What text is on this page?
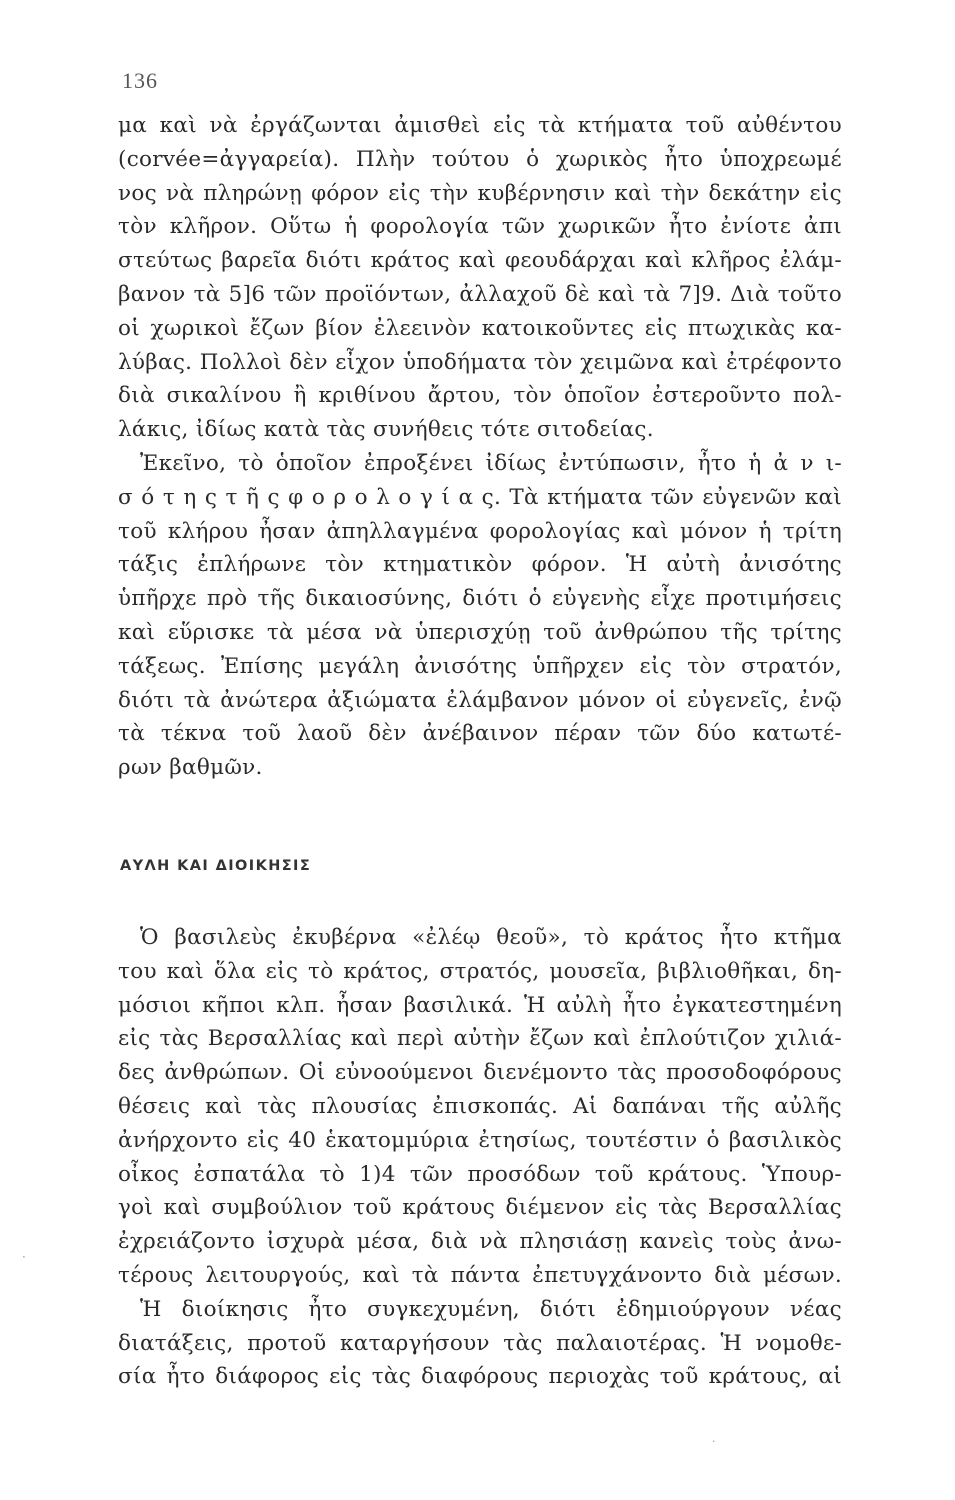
136
μα καὶ νὰ ἐργάζωνται ἀμισθεὶ εἰς τὰ κτήματα τοῦ αὐθέντου
(corvée=ἀγγαρεία). Πλὴν τούτου ὁ χωρικὸς ἦτο ὑποχρεωμέ
νος νὰ πληρώνῃ φόρον εἰς τὴν κυβέρνησιν καὶ τὴν δεκάτην εἰς
τὸν κλῆρον. Οὕτω ἡ φορολογία τῶν χωρικῶν ἦτο ἐνίοτε ἀπι
στεύτως βαρεῖα διότι κράτος καὶ φεουδάρχαι καὶ κλῆρος ἐλάμ-
βανον τὰ 5]6 τῶν προϊόντων, ἀλλαχοῦ δὲ καὶ τὰ 7]9. Διὰ τοῦτο
οἱ χωρικοὶ ἔζων βίον ἐλεεινὸν κατοικοῦντες εἰς πτωχικὰς κα-
λύβας. Πολλοὶ δὲν εἶχον ὑποδήματα τὸν χειμῶνα καὶ ἐτρέφοντο
διὰ σικαλίνου ἢ κριθίνου ἄρτου, τὸν ὁποῖον ἐστεροῦντο πολ-
λάκις, ἰδίως κατὰ τὰς συνήθεις τότε σιτοδείας.
Ἐκεῖνο, τὸ ὁποῖον ἐπροξένει ἰδίως ἐντύπωσιν, ἦτο ἡ ἀ ν ι-
σ ό τ η ς τ ῆ ς φ ο ρ ο λ ο γ ί α ς. Τὰ κτήματα τῶν εὐγενῶν καὶ
τοῦ κλήρου ἦσαν ἀπηλλαγμένα φορολογίας καὶ μόνον ἡ τρίτη
τάξις ἐπλήρωνε τὸν κτηματικὸν φόρον. Ἡ αὐτὴ ἀνισότης
ὑπῆρχε πρὸ τῆς δικαιοσύνης, διότι ὁ εὐγενὴς εἶχε προτιμήσεις
καὶ εὕρισκε τὰ μέσα νὰ ὑπερισχύῃ τοῦ ἀνθρώπου τῆς τρίτης
τάξεως. Ἐπίσης μεγάλη ἀνισότης ὑπῆρχεν εἰς τὸν στρατόν,
διότι τὰ ἀνώτερα ἀξιώματα ἐλάμβανον μόνον οἱ εὐγενεῖς, ἐνῷ
τὰ τέκνα τοῦ λαοῦ δὲν ἀνέβαινον πέραν τῶν δύο κατωτέ-
ρων βαθμῶν.
ΑΥΛΗ ΚΑΙ ΔΙΟΙΚΗΣΙΣ
Ὁ βασιλεὺς ἐκυβέρνα «ἐλέῳ θεοῦ», τὸ κράτος ἦτο κτῆμα
του καὶ ὅλα εἰς τὸ κράτος, στρατός, μουσεῖα, βιβλιοθῆκαι, δη-
μόσιοι κῆποι κλπ. ἦσαν βασιλικά. Ἡ αὐλὴ ἦτο ἐγκατεστημένη
εἰς τὰς Βερσαλλίας καὶ περὶ αὐτὴν ἔζων καὶ ἐπλούτιζον χιλιά-
δες ἀνθρώπων. Οἱ εὐνοούμενοι διενέμοντο τὰς προσοδοφόρους
θέσεις καὶ τὰς πλουσίας ἐπισκοπάς. Αἱ δαπάναι τῆς αὐλῆς
ἀνήρχοντο εἰς 40 ἑκατομμύρια ἐτησίως, τουτέστιν ὁ βασιλικὸς
οἶκος ἐσπατάλα τὸ 1)4 τῶν προσόδων τοῦ κράτους. Ὑπουρ-
γοὶ καὶ συμβούλιον τοῦ κράτους διέμενον εἰς τὰς Βερσαλλίας
ἐχρειάζοντο ἰσχυρὰ μέσα, διὰ νὰ πλησιάσῃ κανεὶς τοὺς ἀνω-
τέρους λειτουργούς, καὶ τὰ πάντα ἐπετυγχάνοντο διὰ μέσων.
Ἡ διοίκησις ἦτο συγκεχυμένη, διότι ἐδημιούργουν νέας
διατάξεις, προτοῦ καταργήσουν τὰς παλαιοτέρας. Ἡ νομοθε-
σία ἦτο διάφορος εἰς τὰς διαφόρους περιοχὰς τοῦ κράτους, αἱ
·
·
